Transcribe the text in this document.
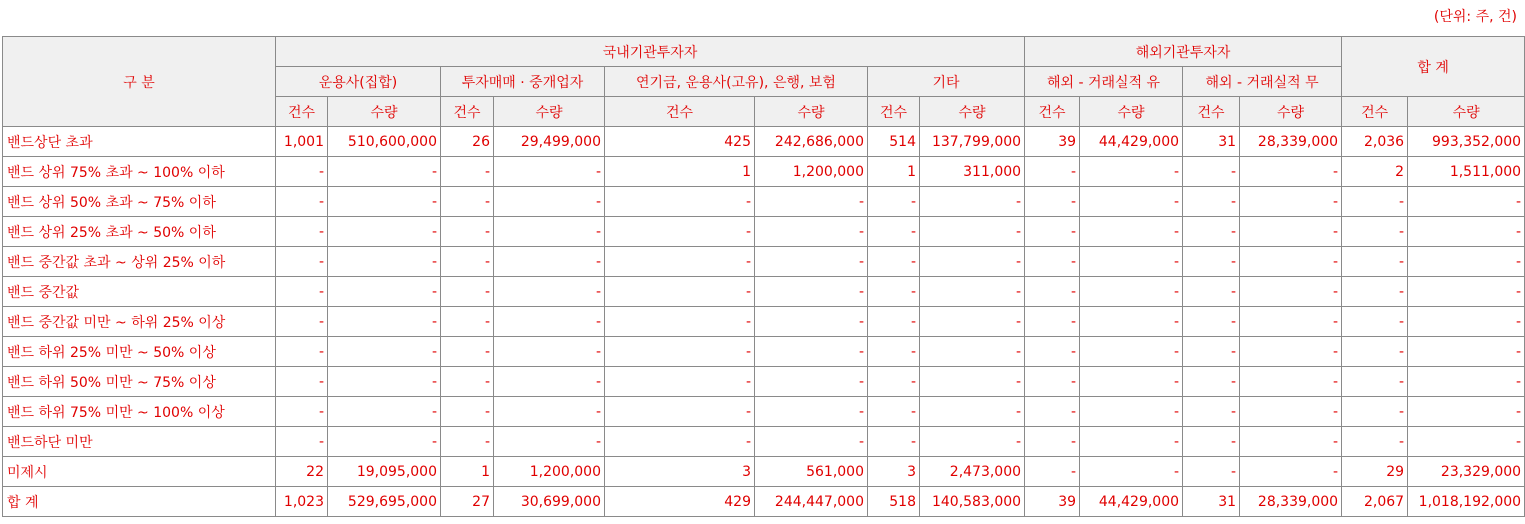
(단위: 주, 건)
구 분	국내기관투자자								해외기관투자자				합 계	
	운용사(집합)		투자매매 · 중개업자		연기금, 운용사(고유), 은행, 보험		기타		해외 - 거래실적 유		해외 - 거래실적 무			
	건수	수량	건수	수량	건수	수량	건수	수량	건수	수량	건수	수량	건수	수량
밴드상단 초과	1,001	510,600,000	26	29,499,000	425	242,686,000	514	137,799,000	39	44,429,000	31	28,339,000	2,036	993,352,000
밴드 상위 75% 초과 ~ 100% 이하	-	-	-	-	1	1,200,000	1	311,000	-	-	-	-	2	1,511,000
밴드 상위 50% 초과 ~ 75% 이하	-	-	-	-	-	-	-	-	-	-	-	-	-	-
밴드 상위 25% 초과 ~ 50% 이하	-	-	-	-	-	-	-	-	-	-	-	-	-	-
밴드 중간값 초과 ~ 상위 25% 이하	-	-	-	-	-	-	-	-	-	-	-	-	-	-
밴드 중간값	-	-	-	-	-	-	-	-	-	-	-	-	-	-
밴드 중간값 미만 ~ 하위 25% 이상	-	-	-	-	-	-	-	-	-	-	-	-	-	-
밴드 하위 25% 미만 ~ 50% 이상	-	-	-	-	-	-	-	-	-	-	-	-	-	-
밴드 하위 50% 미만 ~ 75% 이상	-	-	-	-	-	-	-	-	-	-	-	-	-	-
밴드 하위 75% 미만 ~ 100% 이상	-	-	-	-	-	-	-	-	-	-	-	-	-	-
밴드하단 미만	-	-	-	-	-	-	-	-	-	-	-	-	-	-
미제시	22	19,095,000	1	1,200,000	3	561,000	3	2,473,000	-	-	-	-	29	23,329,000
합 계	1,023	529,695,000	27	30,699,000	429	244,447,000	518	140,583,000	39	44,429,000	31	28,339,000	2,067	1,018,192,000
